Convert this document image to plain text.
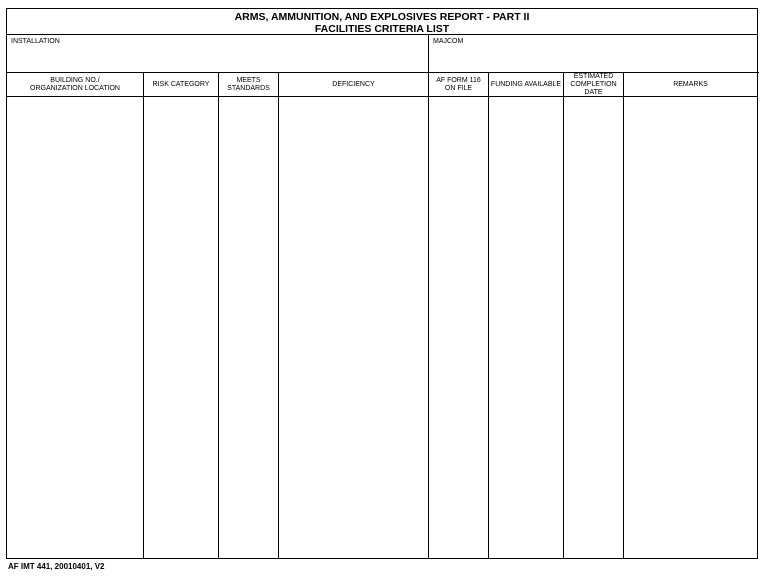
ARMS, AMMUNITION, AND EXPLOSIVES REPORT - PART II
FACILITIES CRITERIA LIST
INSTALLATION	MAJCOM
BUILDING NO./
ORGANIZATION LOCATION
RISK CATEGORY
MEETS
STANDARDS
DEFICIENCY
AF FORM 116
ON FILE
FUNDING AVAILABLE
ESTIMATED
COMPLETION
DATE
REMARKS
AF IMT 441, 20010401, V2
